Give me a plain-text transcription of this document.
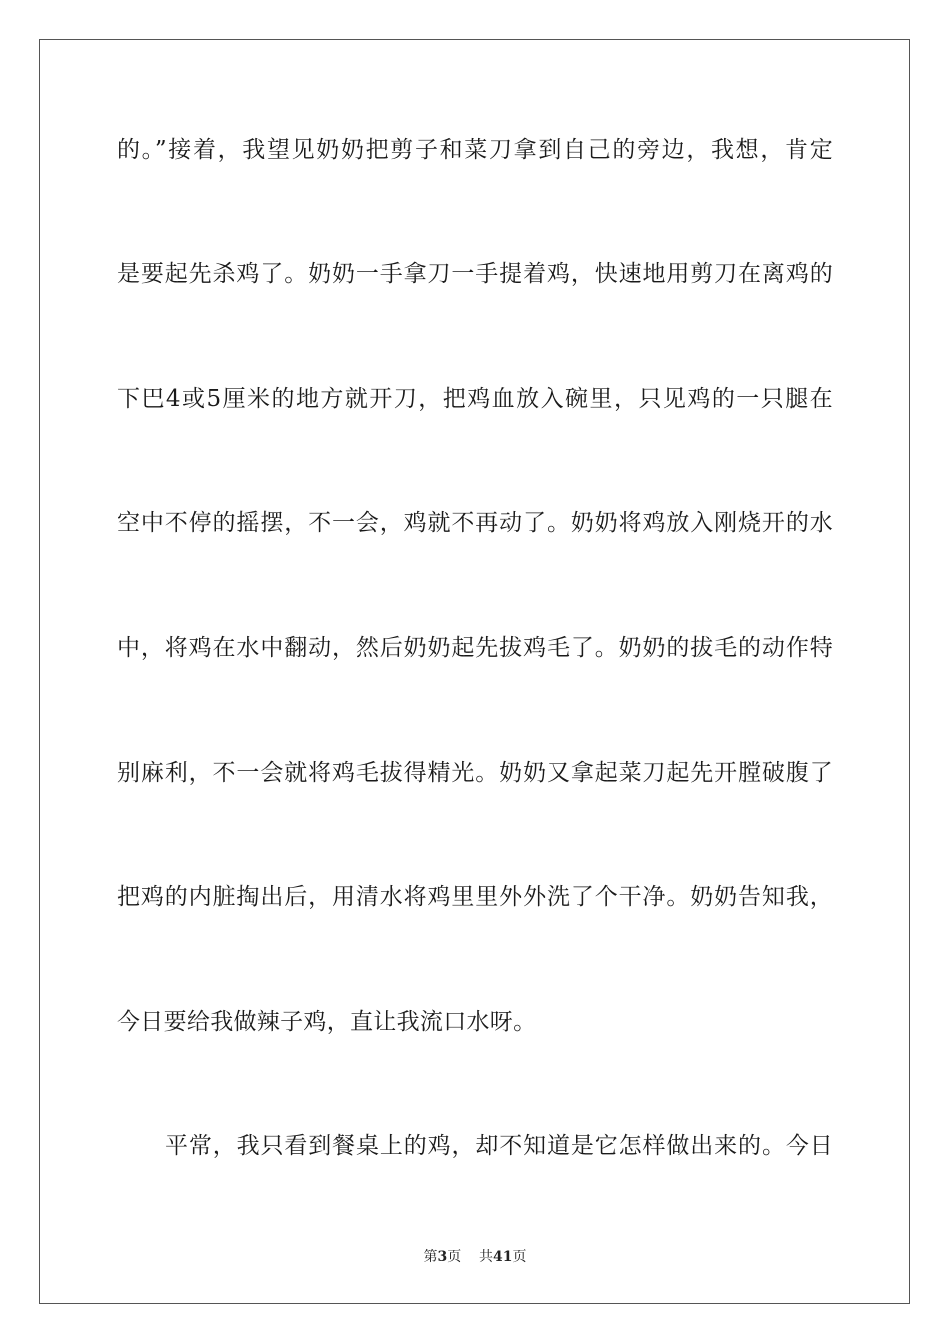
的。”接着，我望见奶奶把剪子和菜刀拿到自己的旁边，我想，肯定
是要起先杀鸡了。奶奶一手拿刀一手提着鸡，快速地用剪刀在离鸡的
下巴4或5厘米的地方就开刀，把鸡血放入碗里，只见鸡的一只腿在
空中不停的摇摆，不一会，鸡就不再动了。奶奶将鸡放入刚烧开的水
中，将鸡在水中翻动，然后奶奶起先拔鸡毛了。奶奶的拔毛的动作特
别麻利，不一会就将鸡毛拔得精光。奶奶又拿起菜刀起先开膛破腹了
把鸡的内脏掏出后，用清水将鸡里里外外洗了个干净。奶奶告知我，
今日要给我做辣子鸡，直让我流口水呀。
平常，我只看到餐桌上的鸡，却不知道是它怎样做出来的。今日
第3页 共41页
